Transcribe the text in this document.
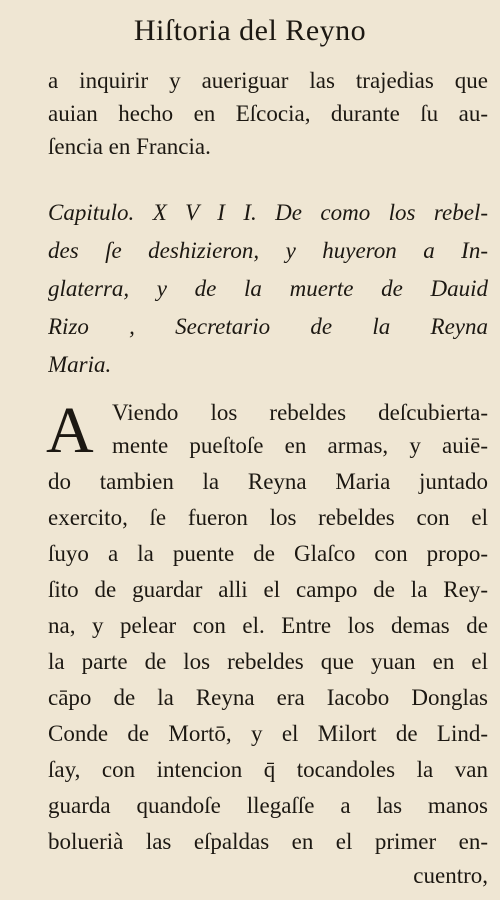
Hiſtoria del Reyno
a inquirir y aueriguar las trajedias que
auian hecho en Eſcocia, durante ſu au-
ſencia en Francia.
Capitulo. X V I I. De como los rebel-
des ſe deshizieron, y huyeron a In-
glaterra, y de la muerte de Dauid
Rizo , Secretario de la Reyna
Maria.
A Viendo los rebeldes deſcubierta-
mente pueſtoſe en armas, y auiē-
do tambien la Reyna Maria juntado
exercito, ſe fueron los rebeldes con el
ſuyo a la puente de Glaſco con propo-
ſito de guardar alli el campo de la Rey-
na, y pelear con el. Entre los demas de
la parte de los rebeldes que yuan en el
cāpo de la Reyna era Iacobo Donglas
Conde de Mortō, y el Milort de Lind-
ſay, con intencion q̄ tocandoles la van
guarda quandoſe llegaſſe a las manos
boluerià las eſpaldas en el primer en-
cuentro,
